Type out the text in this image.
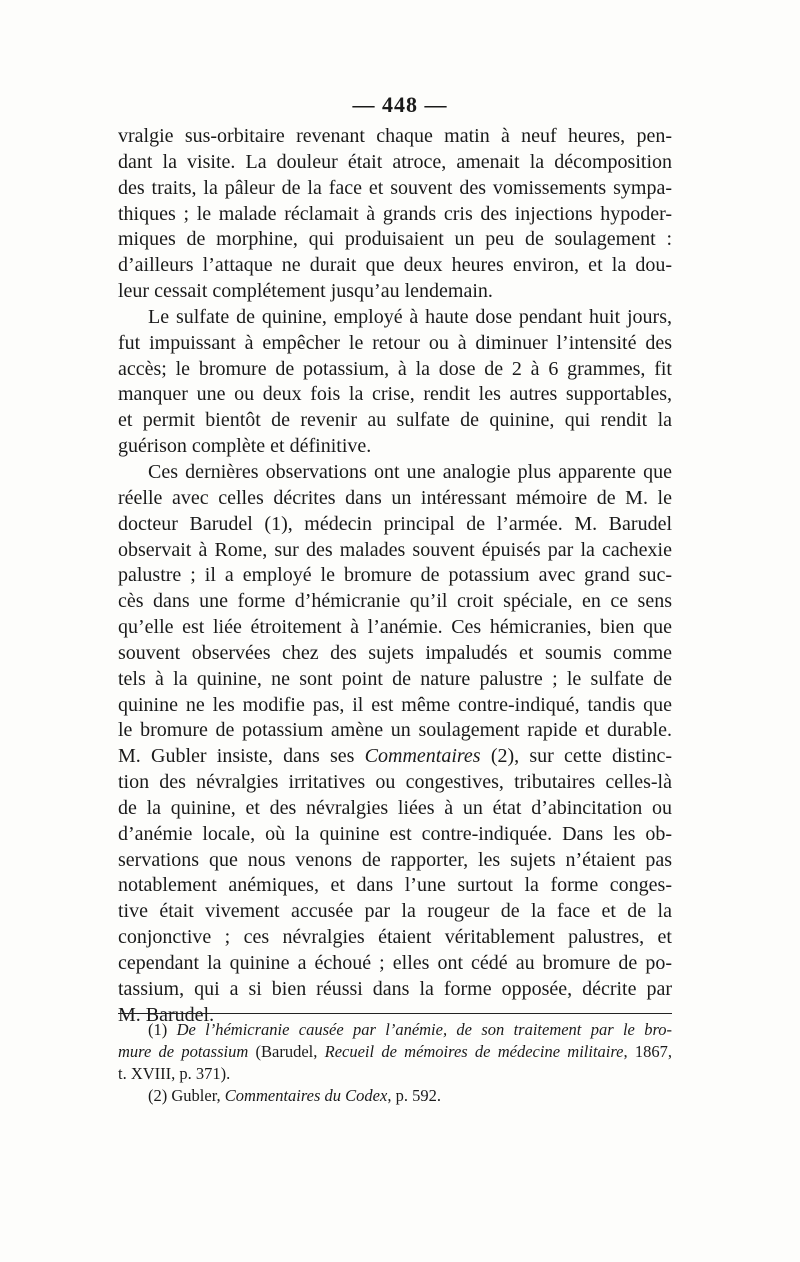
— 448 —
vralgie sus-orbitaire revenant chaque matin à neuf heures, pen-
dant la visite. La douleur était atroce, amenait la décomposition
des traits, la pâleur de la face et souvent des vomissements sympa-
thiques ; le malade réclamait à grands cris des injections hypoder-
miques de morphine, qui produisaient un peu de soulagement :
d’ailleurs l’attaque ne durait que deux heures environ, et la dou-
leur cessait complétement jusqu’au lendemain.
Le sulfate de quinine, employé à haute dose pendant huit jours,
fut impuissant à empêcher le retour ou à diminuer l’intensité des
accès; le bromure de potassium, à la dose de 2 à 6 grammes, fit
manquer une ou deux fois la crise, rendit les autres supportables,
et permit bientôt de revenir au sulfate de quinine, qui rendit la
guérison complète et définitive.
Ces dernières observations ont une analogie plus apparente que
réelle avec celles décrites dans un intéressant mémoire de M. le
docteur Barudel (1), médecin principal de l’armée. M. Barudel
observait à Rome, sur des malades souvent épuisés par la cachexie
palustre ; il a employé le bromure de potassium avec grand suc-
cès dans une forme d’hémicranie qu’il croit spéciale, en ce sens
qu’elle est liée étroitement à l’anémie. Ces hémicranies, bien que
souvent observées chez des sujets impaludés et soumis comme
tels à la quinine, ne sont point de nature palustre ; le sulfate de
quinine ne les modifie pas, il est même contre-indiqué, tandis que
le bromure de potassium amène un soulagement rapide et durable.
M. Gubler insiste, dans ses Commentaires (2), sur cette distinc-
tion des névralgies irritatives ou congestives, tributaires celles-là
de la quinine, et des névralgies liées à un état d’abincitation ou
d’anémie locale, où la quinine est contre-indiquée. Dans les ob-
servations que nous venons de rapporter, les sujets n’étaient pas
notablement anémiques, et dans l’une surtout la forme conges-
tive était vivement accusée par la rougeur de la face et de la
conjonctive ; ces névralgies étaient véritablement palustres, et
cependant la quinine a échoué ; elles ont cédé au bromure de po-
tassium, qui a si bien réussi dans la forme opposée, décrite par
M. Barudel.
(1) De l’hémicranie causée par l’anémie, de son traitement par le bro-
mure de potassium (Barudel, Recueil de mémoires de médecine militaire, 1867,
t. XVIII, p. 371).
(2) Gubler, Commentaires du Codex, p. 592.
